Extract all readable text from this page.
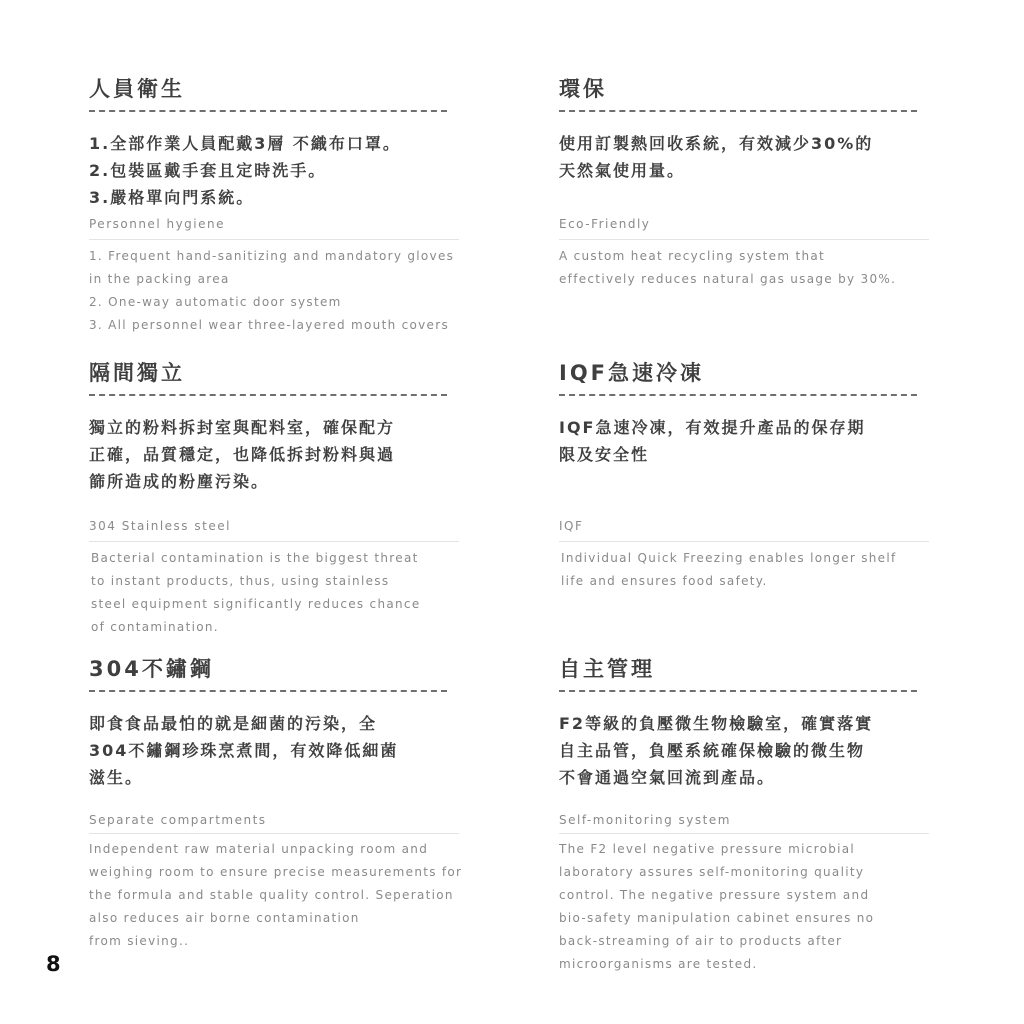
人員衛生
1.全部作業人員配戴3層 不織布口罩。
2.包裝區戴手套且定時洗手。
3.嚴格單向門系統。
Personnel hygiene
1. Frequent hand-sanitizing and mandatory gloves
in the packing area
2. One-way automatic door system
3. All personnel wear three-layered mouth covers
環保
使用訂製熱回收系統，有效減少30%的
天然氣使用量。
Eco-Friendly
A custom heat recycling system that
effectively reduces natural gas usage by 30%.
隔間獨立
獨立的粉料拆封室與配料室，確保配方
正確，品質穩定，也降低拆封粉料與過
篩所造成的粉塵污染。
304 Stainless steel
Bacterial contamination is the biggest threat
to instant products, thus, using stainless
steel equipment significantly reduces chance
of contamination.
IQF急速冷凍
IQF急速冷凍，有效提升產品的保存期
限及安全性
IQF
Individual Quick Freezing enables longer shelf
life and ensures food safety.
304不鏽鋼
即食食品最怕的就是細菌的污染，全
304不鏽鋼珍珠烹煮間，有效降低細菌
滋生。
Separate compartments
Independent raw material unpacking room and
weighing room to ensure precise measurements for
the formula and stable quality control. Seperation
also reduces air borne contamination
from sieving..
自主管理
F2等級的負壓微生物檢驗室，確實落實
自主品管，負壓系統確保檢驗的微生物
不會通過空氣回流到產品。
Self-monitoring system
The F2 level negative pressure microbial
laboratory assures self-monitoring quality
control. The negative pressure system and
bio-safety manipulation cabinet ensures no
back-streaming of air to products after
microorganisms are tested.
8
